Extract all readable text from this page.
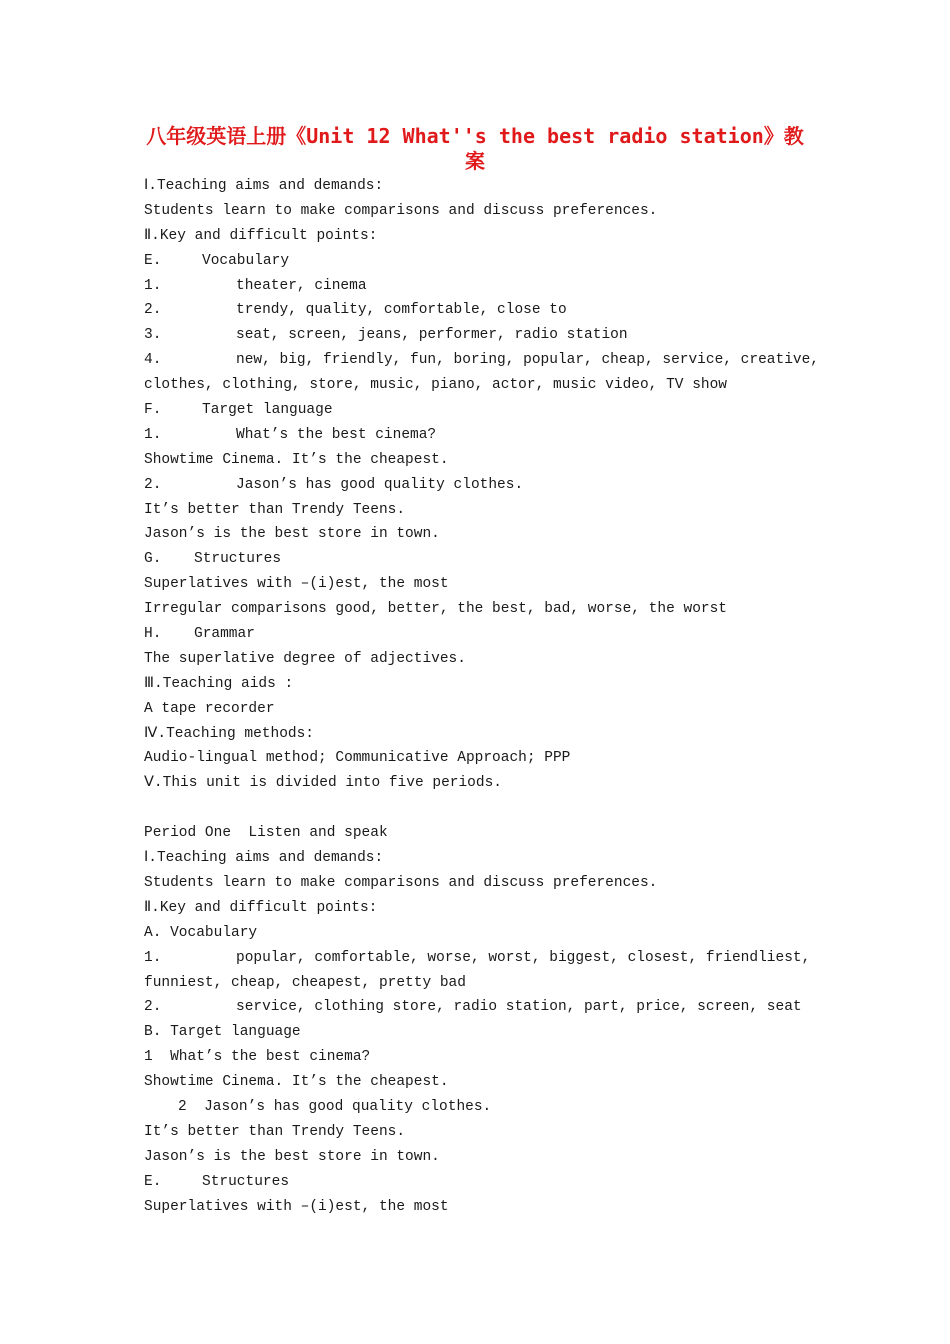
八年级英语上册《Unit 12 What''s the best radio station》教案
Ⅰ.Teaching aims and demands:
Students learn to make comparisons and discuss preferences.
Ⅱ.Key and difficult points:
E.	Vocabulary
1.	theater, cinema
2.	trendy, quality, comfortable, close to
3.	seat, screen, jeans, performer, radio station
4.	new, big, friendly, fun, boring, popular, cheap, service, creative,
clothes, clothing, store, music, piano, actor, music video, TV show
F.	Target language
1.	What’s the best cinema?
Showtime Cinema. It’s the cheapest.
2.	Jason’s has good quality clothes.
It’s better than Trendy Teens.
Jason’s is the best store in town.
G. Structures
Superlatives with –(i)est, the most
Irregular comparisons good, better, the best, bad, worse, the worst
H. Grammar
The superlative degree of adjectives.
Ⅲ.Teaching aids :
A tape recorder
Ⅳ.Teaching methods:
Audio-lingual method; Communicative Approach; PPP
Ⅴ.This unit is divided into five periods.
Period One  Listen and speak
Ⅰ.Teaching aims and demands:
Students learn to make comparisons and discuss preferences.
Ⅱ.Key and difficult points:
A. Vocabulary
1.	popular, comfortable, worse, worst, biggest, closest, friendliest,
funniest, cheap, cheapest, pretty bad
2.	service, clothing store, radio station, part, price, screen, seat
B. Target language
1  What’s the best cinema?
Showtime Cinema. It’s the cheapest.
2  Jason’s has good quality clothes.
It’s better than Trendy Teens.
Jason’s is the best store in town.
E.	Structures
Superlatives with –(i)est, the most
